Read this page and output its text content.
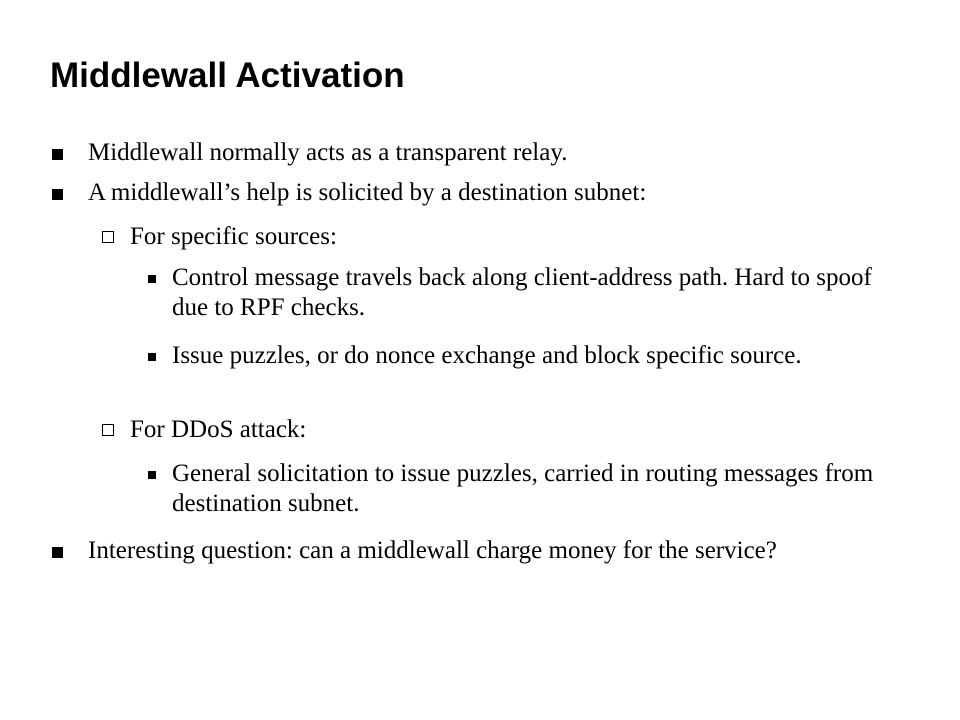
Middlewall Activation
Middlewall normally acts as a transparent relay.
A middlewall’s help is solicited by a destination subnet:
For specific sources:
Control message travels back along client-address path. Hard to spoof due to RPF checks.
Issue puzzles, or do nonce exchange and block specific source.
For DDoS attack:
General solicitation to issue puzzles, carried in routing messages from destination subnet.
Interesting question: can a middlewall charge money for the service?
